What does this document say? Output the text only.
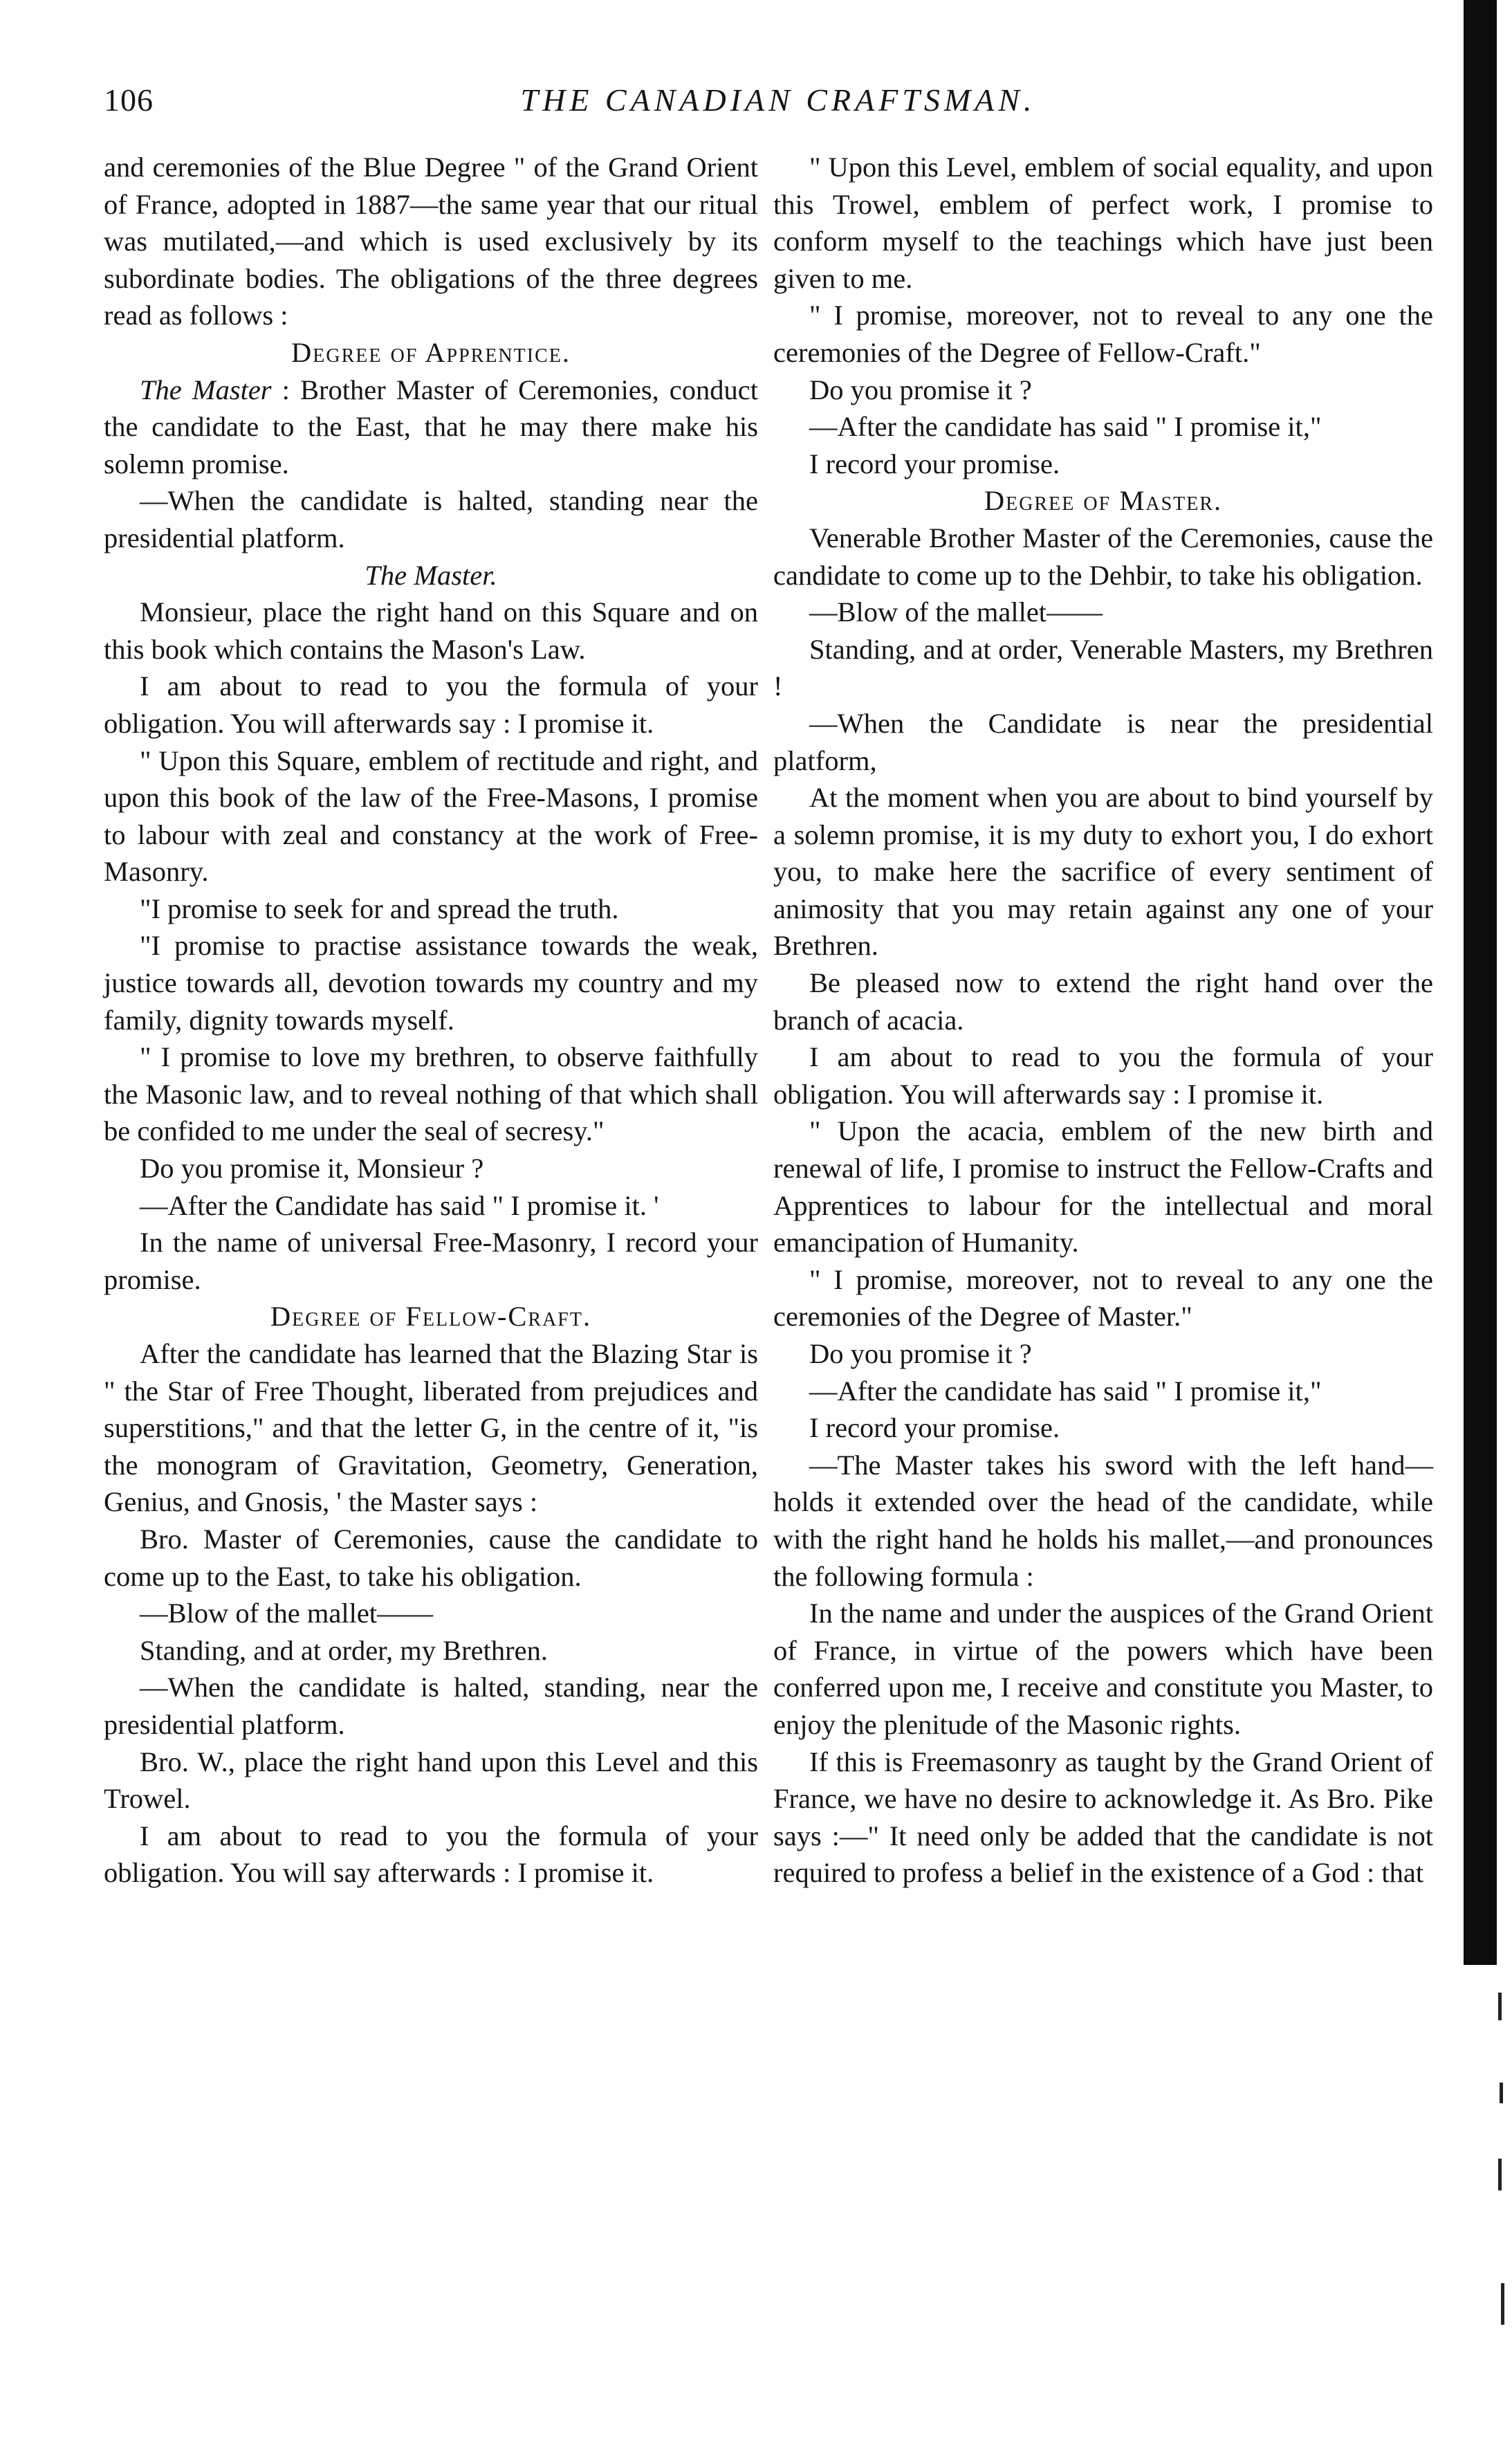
106	THE CANADIAN CRAFTSMAN.

and ceremonies of the Blue Degree " of the Grand Orient of France, adopted in 1887—the same year that our ritual was mutilated,—and which is used exclusively by its subordinate bodies. The obligations of the three degrees read as follows :

Degree of Apprentice.

The Master : Brother Master of Ceremonies, conduct the candidate to the East, that he may there make his solemn promise.

—When the candidate is halted, standing near the presidential platform.

The Master.

Monsieur, place the right hand on this Square and on this book which contains the Mason's Law.

I am about to read to you the formula of your obligation. You will afterwards say : I promise it.

" Upon this Square, emblem of rectitude and right, and upon this book of the law of the Free-Masons, I promise to labour with zeal and constancy at the work of Free-Masonry.

"I promise to seek for and spread the truth.

"I promise to practise assistance towards the weak, justice towards all, devotion towards my country and my family, dignity towards myself.

" I promise to love my brethren, to observe faithfully the Masonic law, and to reveal nothing of that which shall be confided to me under the seal of secresy."

Do you promise it, Monsieur ?

—After the Candidate has said " I promise it. '

In the name of universal Free-Masonry, I record your promise.

Degree of Fellow-Craft.

After the candidate has learned that the Blazing Star is " the Star of Free Thought, liberated from prejudices and superstitions," and that the letter G, in the centre of it, "is the monogram of Gravitation, Geometry, Generation, Genius, and Gnosis, ' the Master says :

Bro. Master of Ceremonies, cause the candidate to come up to the East, to take his obligation.

—Blow of the mallet——

Standing, and at order, my Brethren.

—When the candidate is halted, standing, near the presidential platform.

Bro. W., place the right hand upon this Level and this Trowel.

I am about to read to you the formula of your obligation. You will say afterwards : I promise it.

" Upon this Level, emblem of social equality, and upon this Trowel, emblem of perfect work, I promise to conform myself to the teachings which have just been given to me.

" I promise, moreover, not to reveal to any one the ceremonies of the Degree of Fellow-Craft."

Do you promise it ?

—After the candidate has said " I promise it,"

I record your promise.

Degree of Master.

Venerable Brother Master of the Ceremonies, cause the candidate to come up to the Dehbir, to take his obligation.

—Blow of the mallet——

Standing, and at order, Venerable Masters, my Brethren !

—When the Candidate is near the presidential platform,

At the moment when you are about to bind yourself by a solemn promise, it is my duty to exhort you, I do exhort you, to make here the sacrifice of every sentiment of animosity that you may retain against any one of your Brethren.

Be pleased now to extend the right hand over the branch of acacia.

I am about to read to you the formula of your obligation. You will afterwards say : I promise it.

" Upon the acacia, emblem of the new birth and renewal of life, I promise to instruct the Fellow-Crafts and Apprentices to labour for the intellectual and moral emancipation of Humanity.

" I promise, moreover, not to reveal to any one the ceremonies of the Degree of Master."

Do you promise it ?

—After the candidate has said " I promise it,"

I record your promise.

—The Master takes his sword with the left hand—holds it extended over the head of the candidate, while with the right hand he holds his mallet,—and pronounces the following formula :

In the name and under the auspices of the Grand Orient of France, in virtue of the powers which have been conferred upon me, I receive and constitute you Master, to enjoy the plenitude of the Masonic rights.

If this is Freemasonry as taught by the Grand Orient of France, we have no desire to acknowledge it. As Bro. Pike says :—" It need only be added that the candidate is not required to profess a belief in the existence of a God : that
